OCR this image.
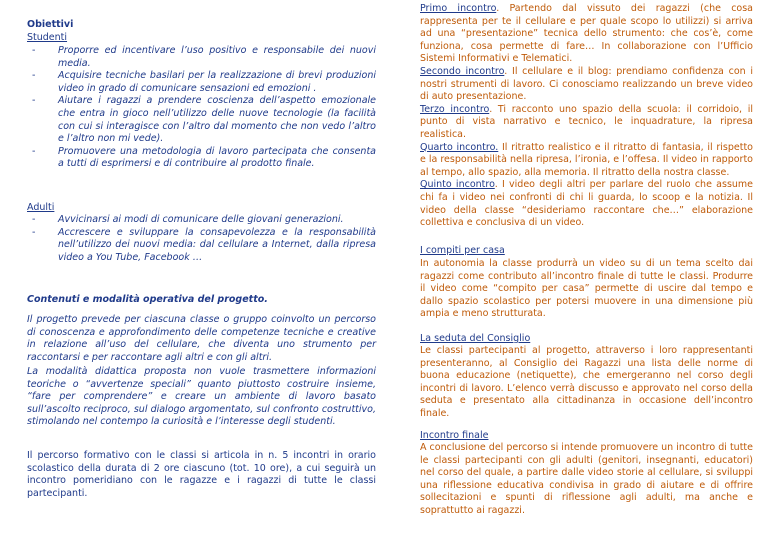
Obiettivi

Studenti

- Proporre ed incentivare l’uso positivo e responsabile dei nuovi media.
- Acquisire tecniche basilari per la realizzazione di brevi produzioni video in grado di comunicare sensazioni ed emozioni .
- Aiutare i ragazzi a prendere coscienza dell’aspetto emozionale che entra in gioco nell’utilizzo delle nuove tecnologie (la facilità con cui si interagisce con l’altro dal momento che non vedo l’altro e l’altro non mi vede).
- Promuovere una metodologia di lavoro partecipata che consenta a tutti di esprimersi e di contribuire al prodotto finale.

Adulti

- Avvicinarsi ai modi di comunicare delle giovani generazioni.
- Accrescere e sviluppare la consapevolezza e la responsabilità nell’utilizzo dei nuovi media: dal cellulare a Internet, dalla ripresa video a You Tube, Facebook …

Contenuti e modalità operativa del progetto.

Il progetto prevede per ciascuna classe o gruppo coinvolto un percorso di conoscenza e approfondimento delle competenze tecniche e creative in relazione all’uso del cellulare, che diventa uno strumento per raccontarsi e per raccontare agli altri e con gli altri.

La modalità didattica proposta non vuole trasmettere informazioni teoriche o “avvertenze speciali” quanto piuttosto costruire insieme, “fare per comprendere” e creare un ambiente di lavoro basato sull’ascolto reciproco, sul dialogo argomentato, sul confronto costruttivo, stimolando nel contempo la curiosità e l’interesse degli studenti.

Il percorso formativo con le classi si articola in n. 5 incontri in orario scolastico della durata di 2 ore ciascuno (tot. 10 ore), a cui seguirà un incontro pomeridiano con le ragazze e i ragazzi di tutte le classi partecipanti.

Primo incontro. Partendo dal vissuto dei ragazzi (che cosa rappresenta per te il cellulare e per quale scopo lo utilizzi) si arriva ad una “presentazione” tecnica dello strumento: che cos’è, come funziona, cosa permette di fare… In collaborazione con l’Ufficio Sistemi Informativi e Telematici.
Secondo incontro. Il cellulare e il blog: prendiamo confidenza con i nostri strumenti di lavoro. Ci conosciamo realizzando un breve video di auto presentazione.
Terzo incontro. Ti racconto uno spazio della scuola: il corridoio, il punto di vista narrativo e tecnico, le inquadrature, la ripresa realistica.
Quarto incontro. Il ritratto realistico e il ritratto di fantasia, il rispetto e la responsabilità nella ripresa, l’ironia, e l’offesa. Il video in rapporto al tempo, allo spazio, alla memoria. Il ritratto della nostra classe.
Quinto incontro. I video degli altri per parlare del ruolo che assume chi fa i video nei confronti di chi li guarda, lo scoop e la notizia. Il video della classe “desideriamo raccontare che…” elaborazione collettiva e conclusiva di un video.

I compiti per casa

In autonomia la classe produrrà un video su di un tema scelto dai ragazzi come contributo all’incontro finale di tutte le classi. Produrre il video come “compito per casa” permette di uscire dal tempo e dallo spazio scolastico per potersi muovere in una dimensione più ampia e meno strutturata.

La seduta del Consiglio

Le classi partecipanti al progetto, attraverso i loro rappresentanti presenteranno, al Consiglio dei Ragazzi una lista delle norme di buona educazione (netiquette), che emergeranno nel corso degli incontri di lavoro. L’elenco verrà discusso e approvato nel corso della seduta e presentato alla cittadinanza in occasione dell’incontro finale.

Incontro finale

A conclusione del percorso si intende promuovere un incontro di tutte le classi partecipanti con gli adulti (genitori, insegnanti, educatori) nel corso del quale, a partire dalle video storie al cellulare, si sviluppi una riflessione educativa condivisa in grado di aiutare e di offrire sollecitazioni e spunti di riflessione agli adulti, ma anche e soprattutto ai ragazzi.
